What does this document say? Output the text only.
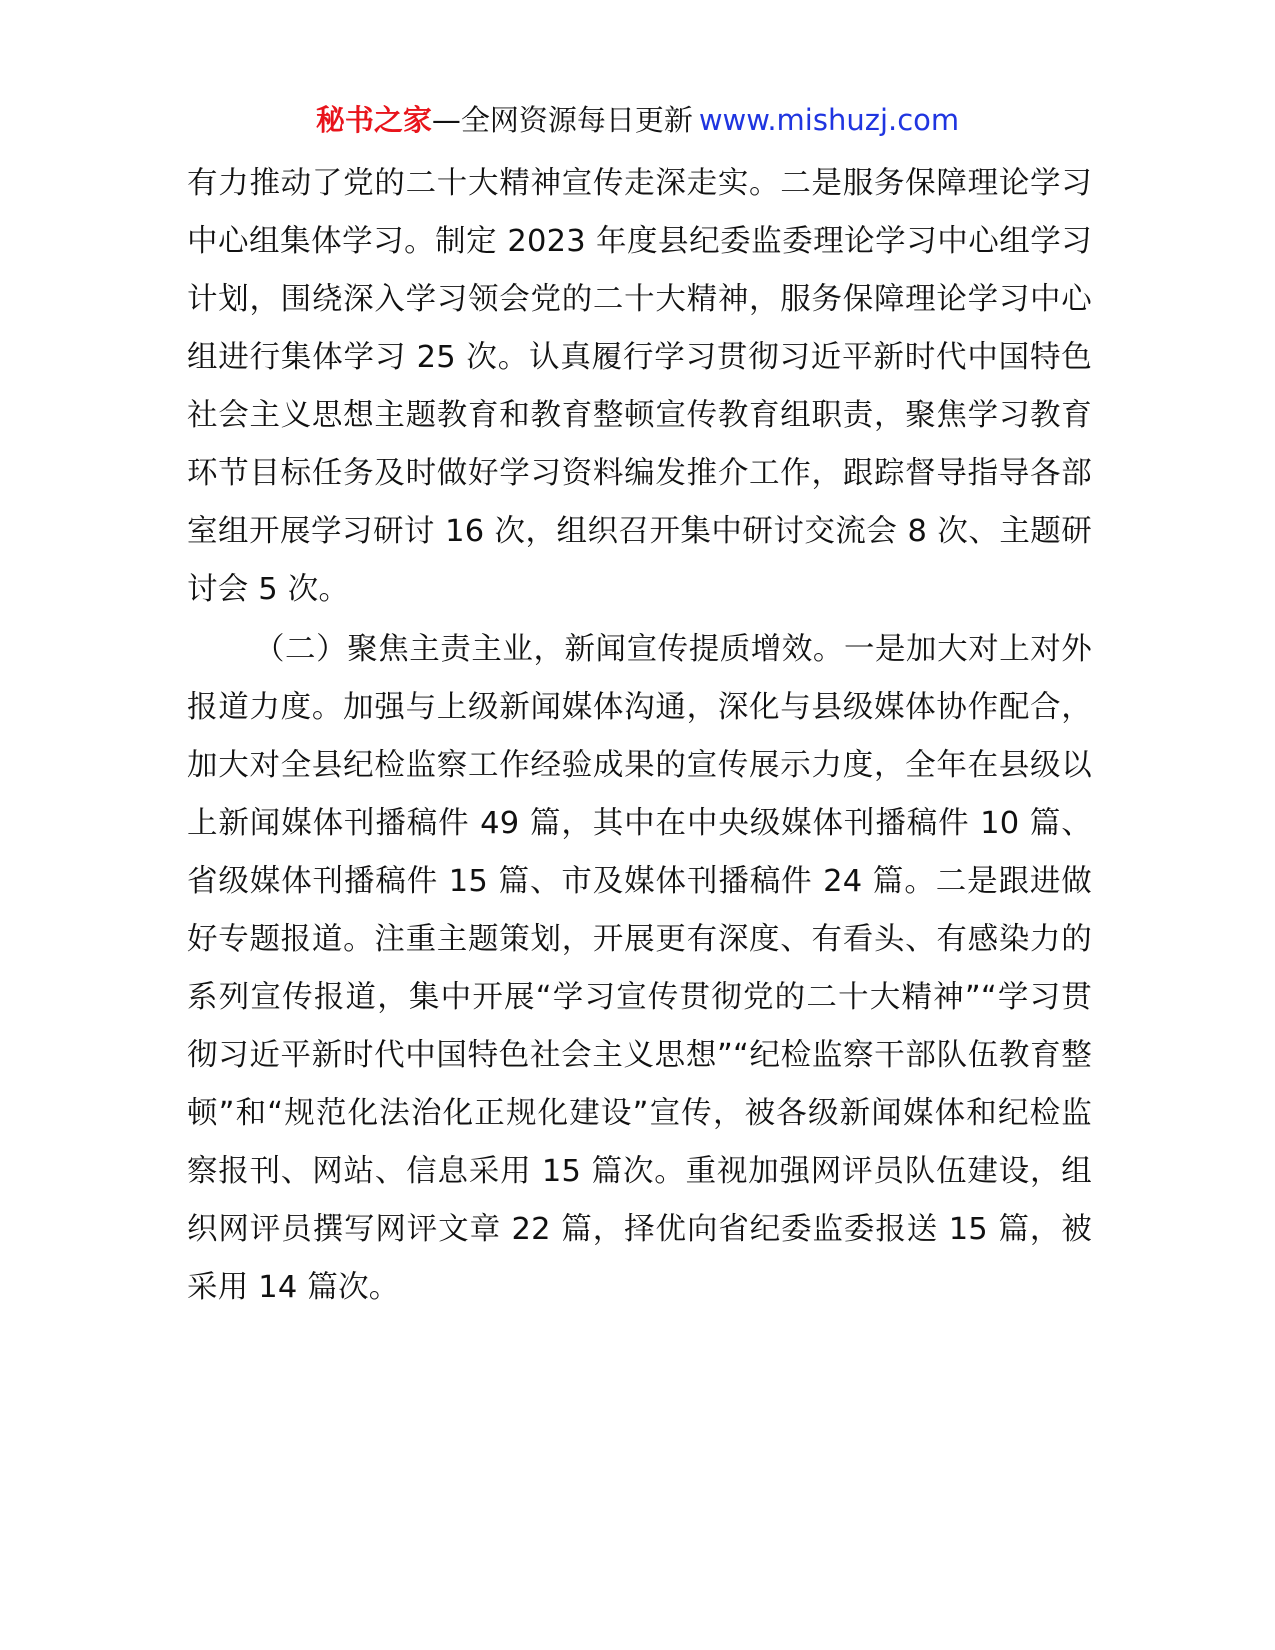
秘书之家—全网资源每日更新 www.mishuzj.com

有力推动了党的二十大精神宣传走深走实。二是服务保障理论学习中心组集体学习。制定 2023 年度县纪委监委理论学习中心组学习计划，围绕深入学习领会党的二十大精神，服务保障理论学习中心组进行集体学习 25 次。认真履行学习贯彻习近平新时代中国特色社会主义思想主题教育和教育整顿宣传教育组职责，聚焦学习教育环节目标任务及时做好学习资料编发推介工作，跟踪督导指导各部室组开展学习研讨 16 次，组织召开集中研讨交流会 8 次、主题研讨会 5 次。

（二）聚焦主责主业，新闻宣传提质增效。一是加大对上对外报道力度。加强与上级新闻媒体沟通，深化与县级媒体协作配合，加大对全县纪检监察工作经验成果的宣传展示力度，全年在县级以上新闻媒体刊播稿件 49 篇，其中在中央级媒体刊播稿件 10 篇、省级媒体刊播稿件 15 篇、市及媒体刊播稿件 24 篇。二是跟进做好专题报道。注重主题策划，开展更有深度、有看头、有感染力的系列宣传报道，集中开展“学习宣传贯彻党的二十大精神”“学习贯彻习近平新时代中国特色社会主义思想”“纪检监察干部队伍教育整顿”和“规范化法治化正规化建设”宣传，被各级新闻媒体和纪检监察报刊、网站、信息采用 15 篇次。重视加强网评员队伍建设，组织网评员撰写网评文章 22 篇，择优向省纪委监委报送 15 篇，被采用 14 篇次。
